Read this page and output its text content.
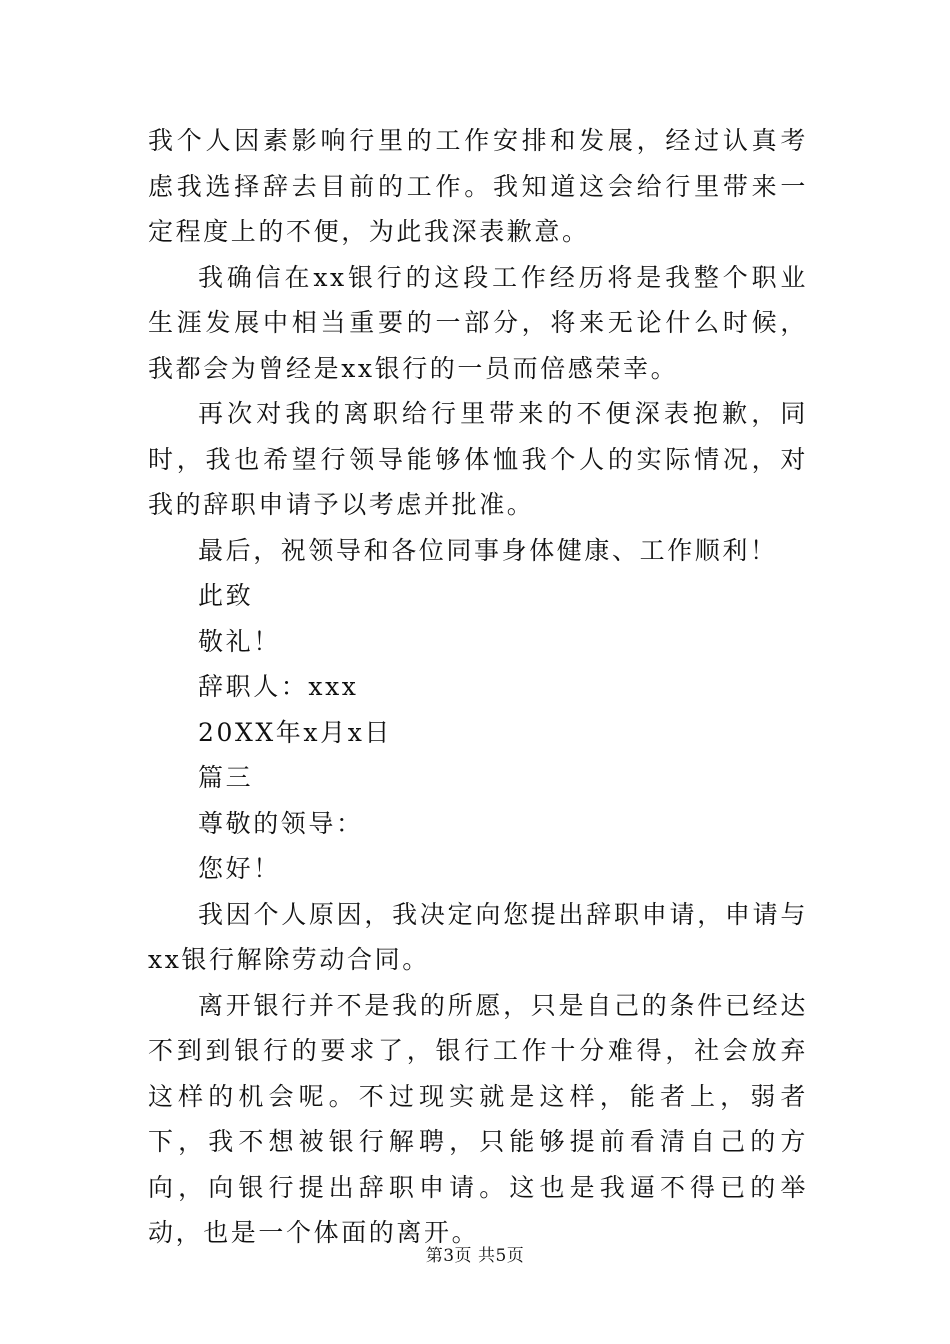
我个人因素影响行里的工作安排和发展，经过认真考虑我选择辞去目前的工作。我知道这会给行里带来一定程度上的不便，为此我深表歉意。

我确信在xx银行的这段工作经历将是我整个职业生涯发展中相当重要的一部分，将来无论什么时候，我都会为曾经是xx银行的一员而倍感荣幸。

再次对我的离职给行里带来的不便深表抱歉，同时，我也希望行领导能够体恤我个人的实际情况，对我的辞职申请予以考虑并批准。

最后，祝领导和各位同事身体健康、工作顺利！

此致

敬礼！

辞职人：xxx

20XX年x月x日

篇三

尊敬的领导：

您好！

我因个人原因，我决定向您提出辞职申请，申请与xx银行解除劳动合同。

离开银行并不是我的所愿，只是自己的条件已经达不到到银行的要求了，银行工作十分难得，社会放弃这样的机会呢。不过现实就是这样，能者上，弱者下，我不想被银行解聘，只能够提前看清自己的方向，向银行提出辞职申请。这也是我逼不得已的举动，也是一个体面的离开。

第3页 共5页
